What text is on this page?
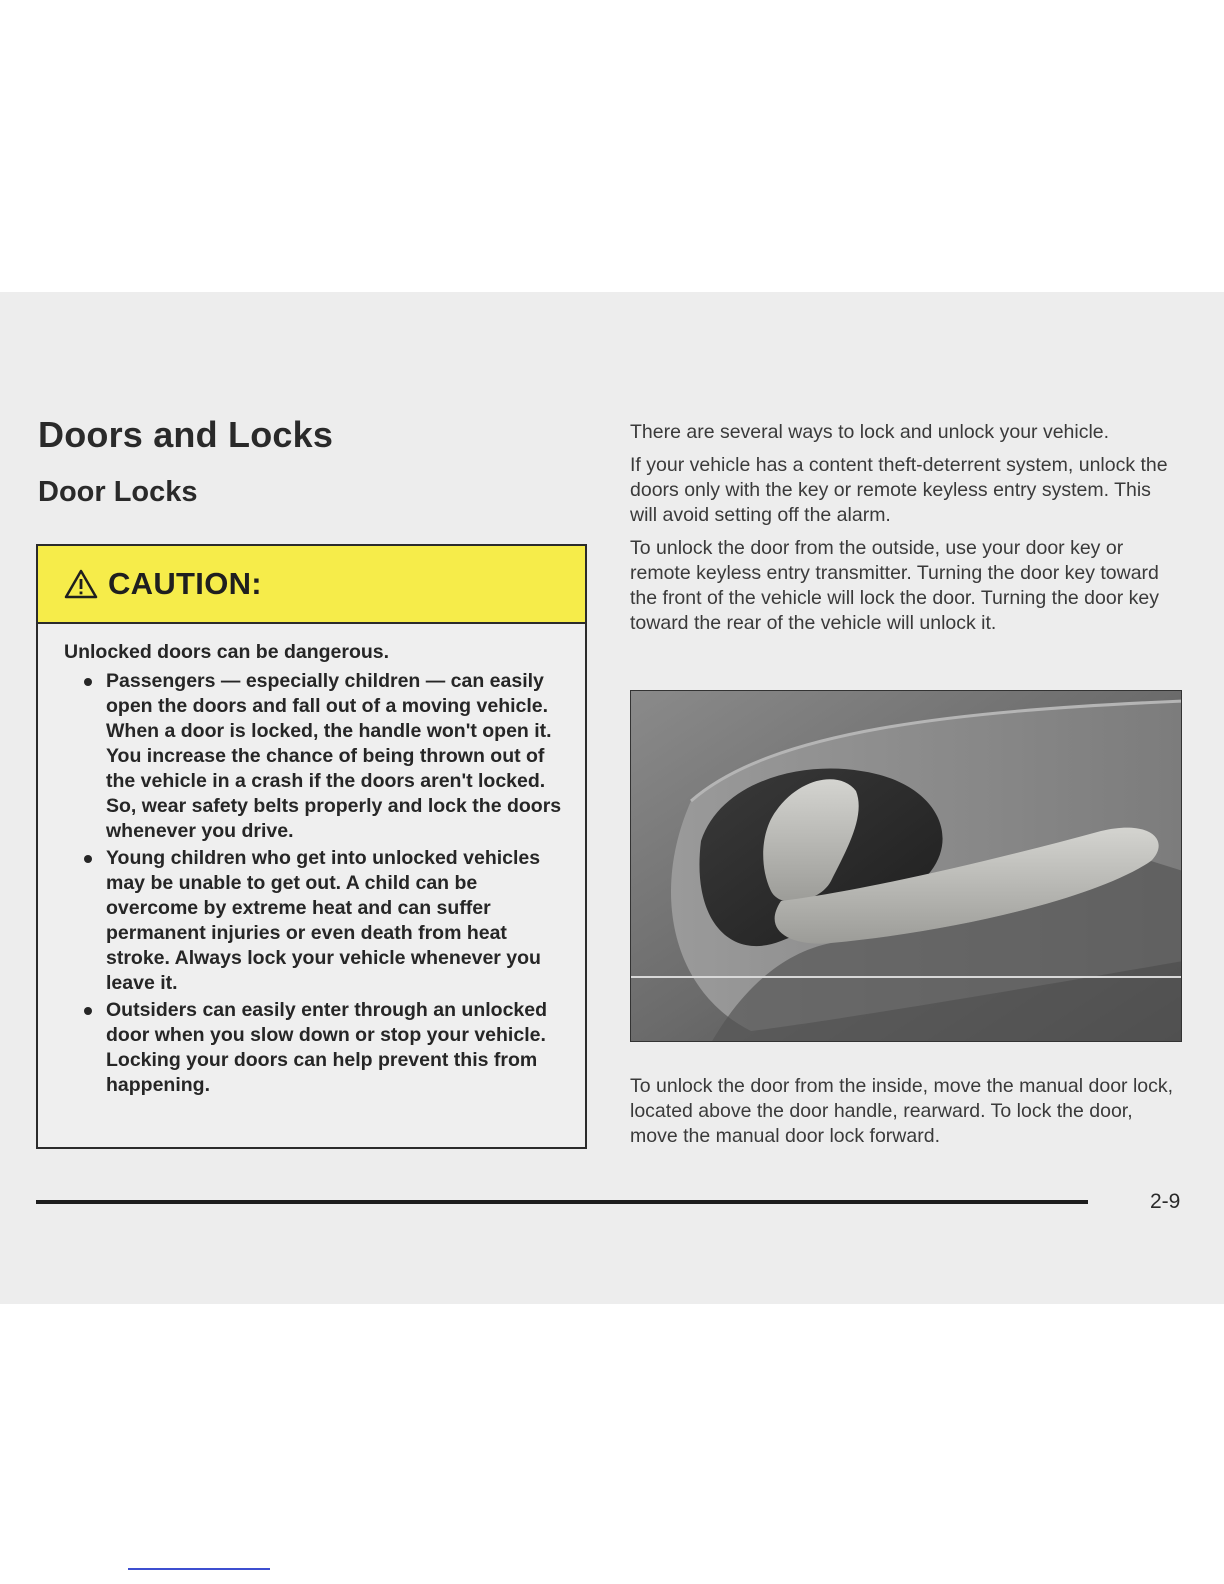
Doors and Locks
Door Locks
CAUTION:

Unlocked doors can be dangerous.

Passengers — especially children — can easily open the doors and fall out of a moving vehicle. When a door is locked, the handle won't open it. You increase the chance of being thrown out of the vehicle in a crash if the doors aren't locked.
So, wear safety belts properly and lock the doors whenever you drive.
Young children who get into unlocked vehicles may be unable to get out. A child can be overcome by extreme heat and can suffer permanent injuries or even death from heat stroke. Always lock your vehicle whenever you leave it.
Outsiders can easily enter through an unlocked door when you slow down or stop your vehicle. Locking your doors can help prevent this from happening.

There are several ways to lock and unlock your vehicle.

If your vehicle has a content theft-deterrent system, unlock the doors only with the key or remote keyless entry system. This will avoid setting off the alarm.

To unlock the door from the outside, use your door key or remote keyless entry transmitter. Turning the door key toward the front of the vehicle will lock the door. Turning the door key toward the rear of the vehicle will unlock it.

To unlock the door from the inside, move the manual door lock, located above the door handle, rearward. To lock the door, move the manual door lock forward.

2-9
